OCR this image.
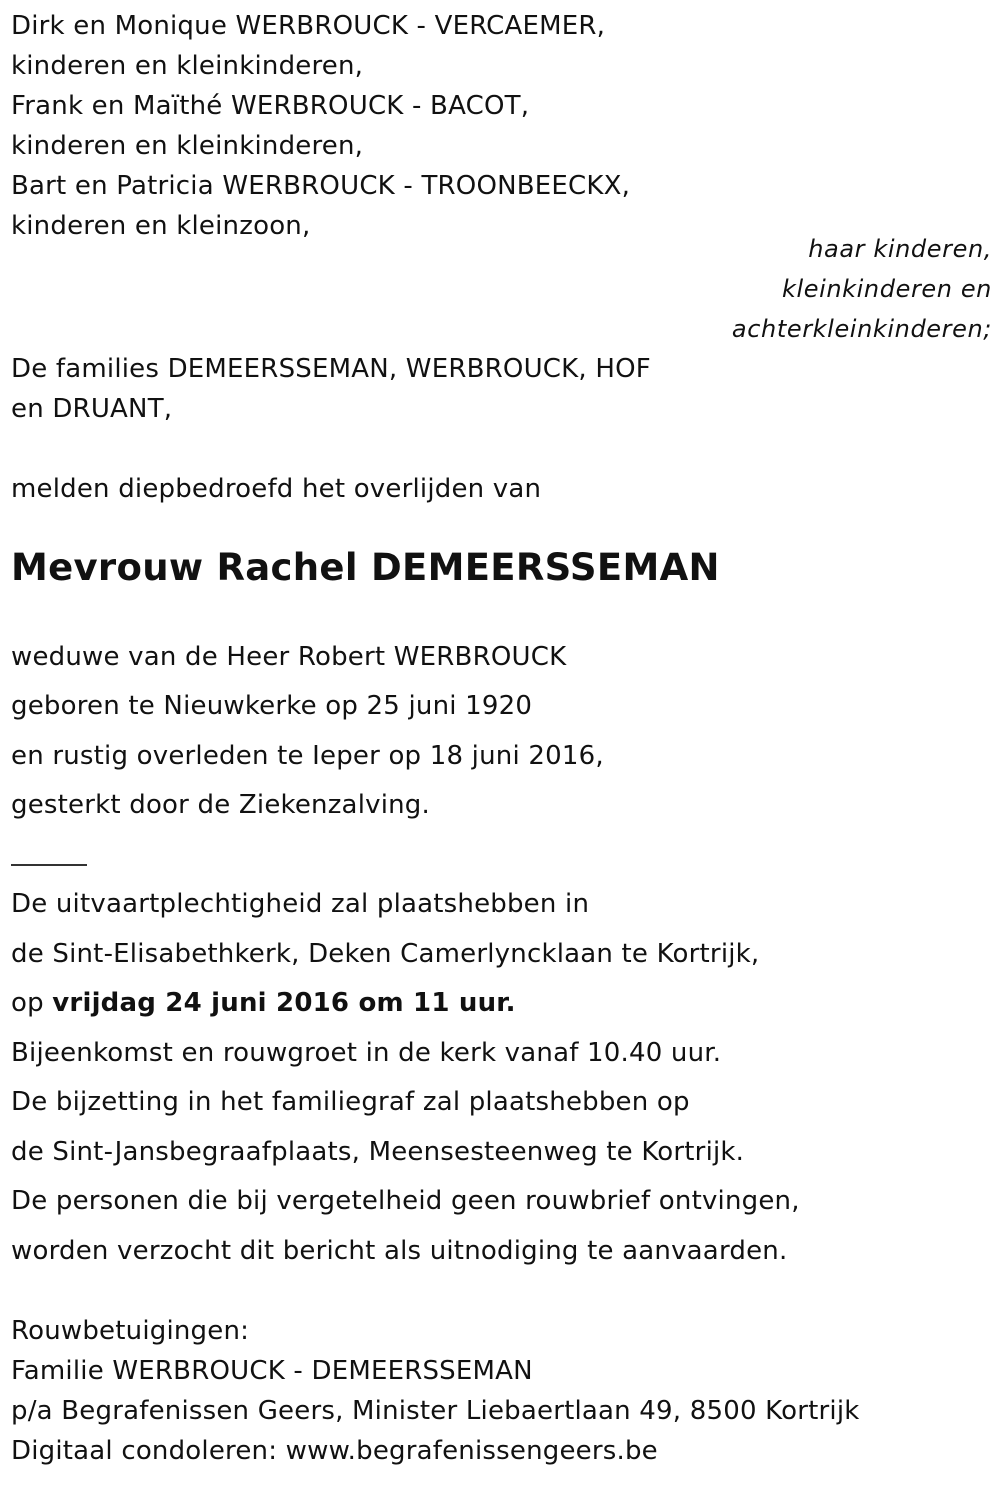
Dirk en Monique WERBROUCK - VERCAEMER,
kinderen en kleinkinderen,
Frank en Maïthé WERBROUCK - BACOT,
kinderen en kleinkinderen,
Bart en Patricia WERBROUCK - TROONBEECKX,
kinderen en kleinzoon,
haar kinderen,
kleinkinderen en
achterkleinkinderen;
De families DEMEERSSEMAN, WERBROUCK, HOF
en DRUANT,
melden diepbedroefd het overlijden van
Mevrouw Rachel DEMEERSSEMAN
weduwe van de Heer Robert WERBROUCK
geboren te Nieuwkerke op 25 juni 1920
en rustig overleden te Ieper op 18 juni 2016,
gesterkt door de Ziekenzalving.
De uitvaartplechtigheid zal plaatshebben in
de Sint-Elisabethkerk, Deken Camerlyncklaan te Kortrijk,
op vrijdag 24 juni 2016 om 11 uur.
Bijeenkomst en rouwgroet in de kerk vanaf 10.40 uur.
De bijzetting in het familiegraf zal plaatshebben op
de Sint-Jansbegraafplaats, Meensesteenweg te Kortrijk.
De personen die bij vergetelheid geen rouwbrief ontvingen,
worden verzocht dit bericht als uitnodiging te aanvaarden.
Rouwbetuigingen:
Familie WERBROUCK - DEMEERSSEMAN
p/a Begrafenissen Geers, Minister Liebaertlaan 49, 8500 Kortrijk
Digitaal condoleren: www.begrafenissengeers.be
